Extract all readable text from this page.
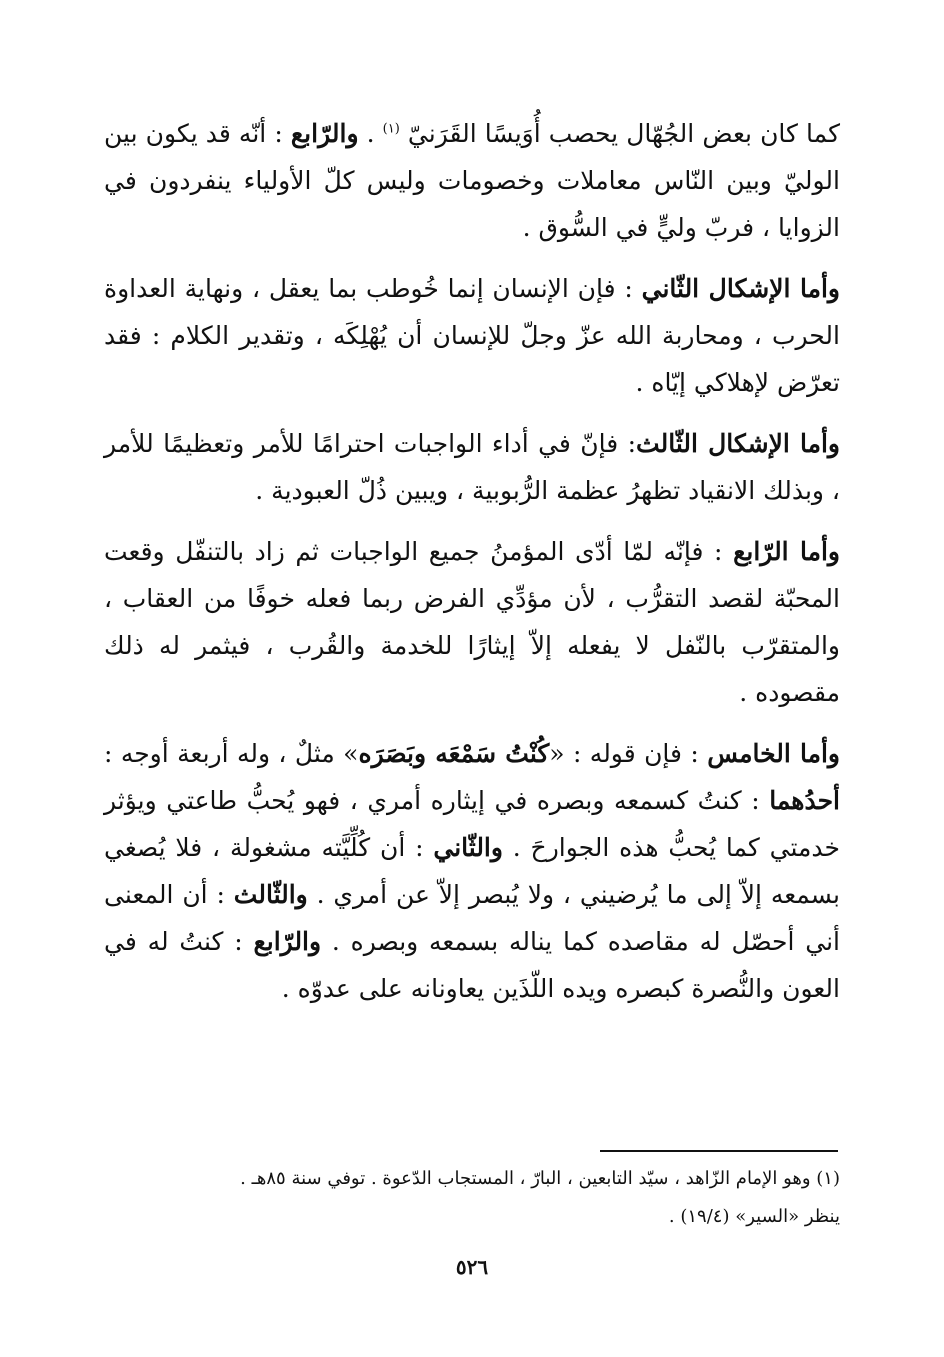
كما كان بعض الجُهّال يحصب أُوَيسًا القَرَنيّ $^{(١)}$ . والرّابع : أنّه قد يكون بين الوليّ وبين النّاس معاملات وخصومات وليس كلّ الأولياء ينفردون في الزوايا ، فربّ وليٍّ في السُّوق .

وأما الإشكال الثّاني : فإن الإنسان إنما خُوطب بما يعقل ، ونهاية العداوة الحرب ، ومحاربة الله عزّ وجلّ للإنسان أن يُهْلِكَه ، وتقدير الكلام : فقد تعرّض لإهلاكي إيّاه .

وأما الإشكال الثّالث: فإنّ في أداء الواجبات احترامًا للأمر وتعظيمًا للأمر ، وبذلك الانقياد تظهرُ عظمة الرُّبوبية ، ويبين ذُلّ العبودية .

وأما الرّابع : فإنّه لمّا أدّى المؤمنُ جميع الواجبات ثم زاد بالتنفّل وقعت المحبّة لقصد التقرُّب ، لأن مؤدِّي الفرض ربما فعله خوفًا من العقاب ، والمتقرّب بالنّفل لا يفعله إلاّ إيثارًا للخدمة والقُرب ، فيثمر له ذلك مقصوده .

وأما الخامس : فإن قوله : «كُنْتُ سَمْعَه وبَصَرَه» مثلٌ ، وله أربعة أوجه : أحدُهما : كنتُ كسمعه وبصره في إيثاره أمري ، فهو يُحبُّ طاعتي ويؤثر خدمتي كما يُحبُّ هذه الجوارحَ . والثّاني : أن كُلِّيَّته مشغولة ، فلا يُصغي بسمعه إلاّ إلى ما يُرضيني ، ولا يُبصر إلاّ عن أمري . والثّالث : أن المعنى أني أحصّل له مقاصده كما يناله بسمعه وبصره . والرّابع : كنتُ له في العون والنُّصرة كبصره ويده اللّذَين يعاونانه على عدوّه .

(١) وهو الإمام الزّاهد ، سيّد التابعين ، البارّ ، المستجاب الدّعوة . توفي سنة ٨٥هـ .

ينظر «السير» (١٩/٤) .

٥٢٦
